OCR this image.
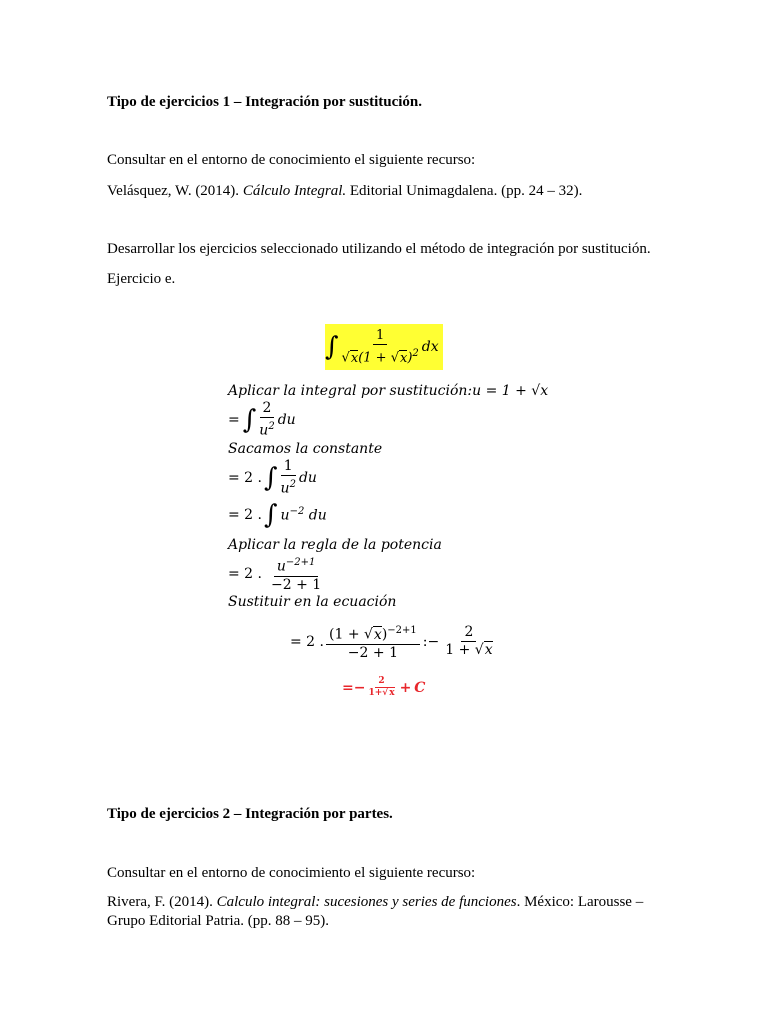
Tipo de ejercicios 1 – Integración por sustitución.
Consultar en el entorno de conocimiento el siguiente recurso:
Velásquez, W. (2014). Cálculo Integral. Editorial Unimagdalena. (pp. 24 – 32).
Desarrollar los ejercicios seleccionado utilizando el método de integración por sustitución.
Ejercicio e.
∫ $\frac{1}{√x(1 + √x)^2}$ dx
Aplicar la integral por sustitución:u = 1 + √x
= ∫ $\frac{2}{u^2}$ du
Sacamos la constante
= 2 . ∫ $\frac{1}{u^2}$ du
= 2 . ∫ $u^{-2}$ du
Aplicar la regla de la potencia
= 2 . $\frac{u^{-2+1}}{-2 + 1}$
Sustituir en la ecuación
= 2 . $\frac{(1 + √x)^{-2+1}}{-2 + 1}$ :− $\frac{2}{1 + √x}$
=− $\frac{2}{1+√x} + C$
Tipo de ejercicios 2 – Integración por partes.
Consultar en el entorno de conocimiento el siguiente recurso:
Rivera, F. (2014). Calculo integral: sucesiones y series de funciones. México: Larousse –
Grupo Editorial Patria. (pp. 88 – 95).
